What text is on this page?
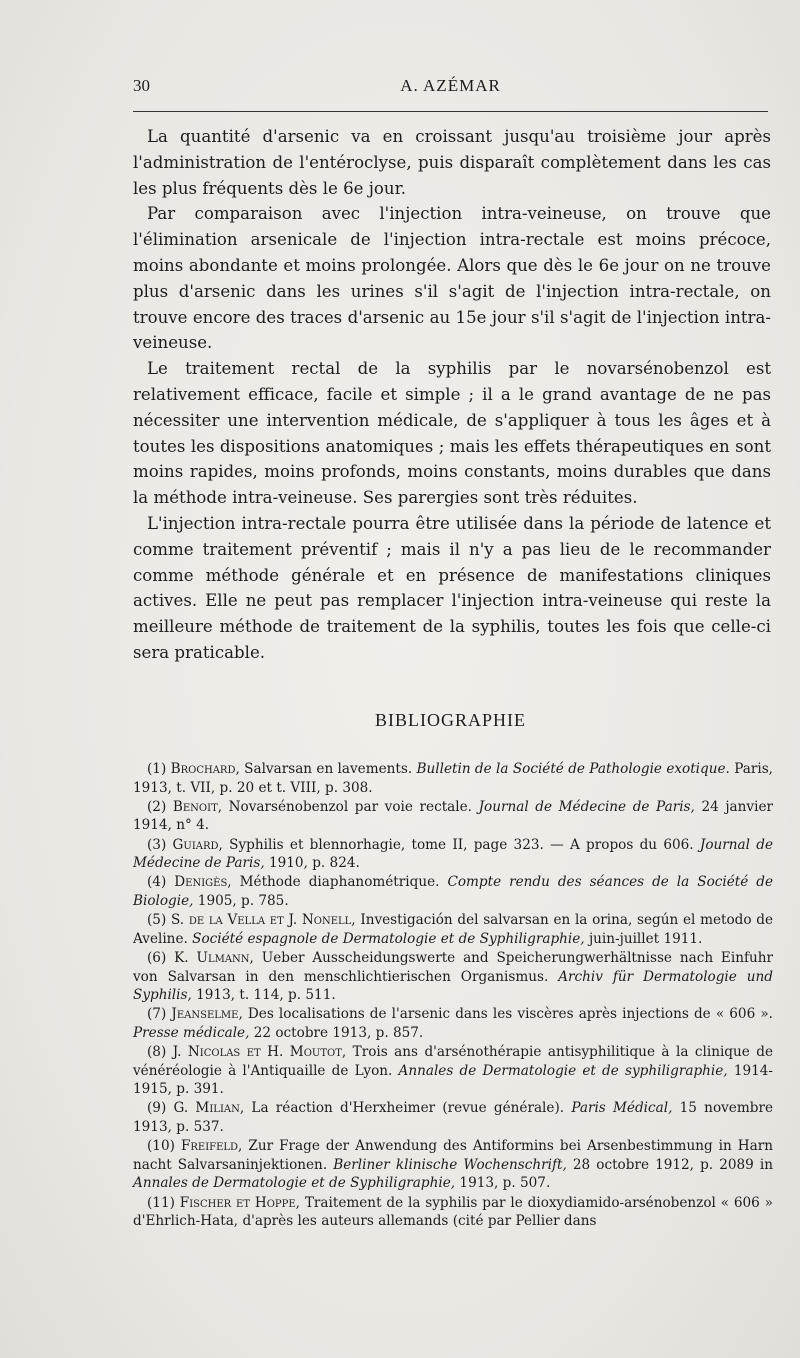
30	A. AZÉMAR

La quantité d'arsenic va en croissant jusqu'au troisième jour après l'administration de l'entéroclyse, puis disparaît complètement dans les cas les plus fréquents dès le 6e jour.

Par comparaison avec l'injection intra-veineuse, on trouve que l'élimination arsenicale de l'injection intra-rectale est moins précoce, moins abondante et moins prolongée. Alors que dès le 6e jour on ne trouve plus d'arsenic dans les urines s'il s'agit de l'injection intra-rectale, on trouve encore des traces d'arsenic au 15e jour s'il s'agit de l'injection intra-veineuse.

Le traitement rectal de la syphilis par le novarsénobenzol est relativement efficace, facile et simple ; il a le grand avantage de ne pas nécessiter une intervention médicale, de s'appliquer à tous les âges et à toutes les dispositions anatomiques ; mais les effets thérapeutiques en sont moins rapides, moins profonds, moins constants, moins durables que dans la méthode intra-veineuse. Ses parergies sont très réduites.

L'injection intra-rectale pourra être utilisée dans la période de latence et comme traitement préventif ; mais il n'y a pas lieu de le recommander comme méthode générale et en présence de manifestations cliniques actives. Elle ne peut pas remplacer l'injection intra-veineuse qui reste la meilleure méthode de traitement de la syphilis, toutes les fois que celle-ci sera praticable.

BIBLIOGRAPHIE

(1) Brochard, Salvarsan en lavements. Bulletin de la Société de Pathologie exotique. Paris, 1913, t. VII, p. 20 et t. VIII, p. 308.

(2) Benoit, Novarsénobenzol par voie rectale. Journal de Médecine de Paris, 24 janvier 1914, n° 4.

(3) Guiard, Syphilis et blennorhagie, tome II, page 323. — A propos du 606. Journal de Médecine de Paris, 1910, p. 824.

(4) Denigès, Méthode diaphanométrique. Compte rendu des séances de la Société de Biologie, 1905, p. 785.

(5) S. de la Vella et J. Nonell, Investigación del salvarsan en la orina, según el metodo de Aveline. Société espagnole de Dermatologie et de Syphiligraphie, juin-juillet 1911.

(6) K. Ulmann, Ueber Ausscheidungswerte and Speicherungwerhältnisse nach Einfuhr von Salvarsan in den menschlichtierischen Organismus. Archiv für Dermatologie und Syphilis, 1913, t. 114, p. 511.

(7) Jeanselme, Des localisations de l'arsenic dans les viscères après injections de « 606 ». Presse médicale, 22 octobre 1913, p. 857.

(8) J. Nicolas et H. Moutot, Trois ans d'arsénothérapie antisyphilitique à la clinique de vénéréologie à l'Antiquaille de Lyon. Annales de Dermatologie et de syphiligraphie, 1914-1915, p. 391.

(9) G. Milian, La réaction d'Herxheimer (revue générale). Paris Médical, 15 novembre 1913, p. 537.

(10) Freifeld, Zur Frage der Anwendung des Antiformins bei Arsenbestimmung in Harn nacht Salvarsaninjektionen. Berliner klinische Wochenschrift, 28 octobre 1912, p. 2089 in Annales de Dermatologie et de Syphiligraphie, 1913, p. 507.

(11) Fischer et Hoppe, Traitement de la syphilis par le dioxydiamido-arsénobenzol « 606 » d'Ehrlich-Hata, d'après les auteurs allemands (cité par Pellier dans
